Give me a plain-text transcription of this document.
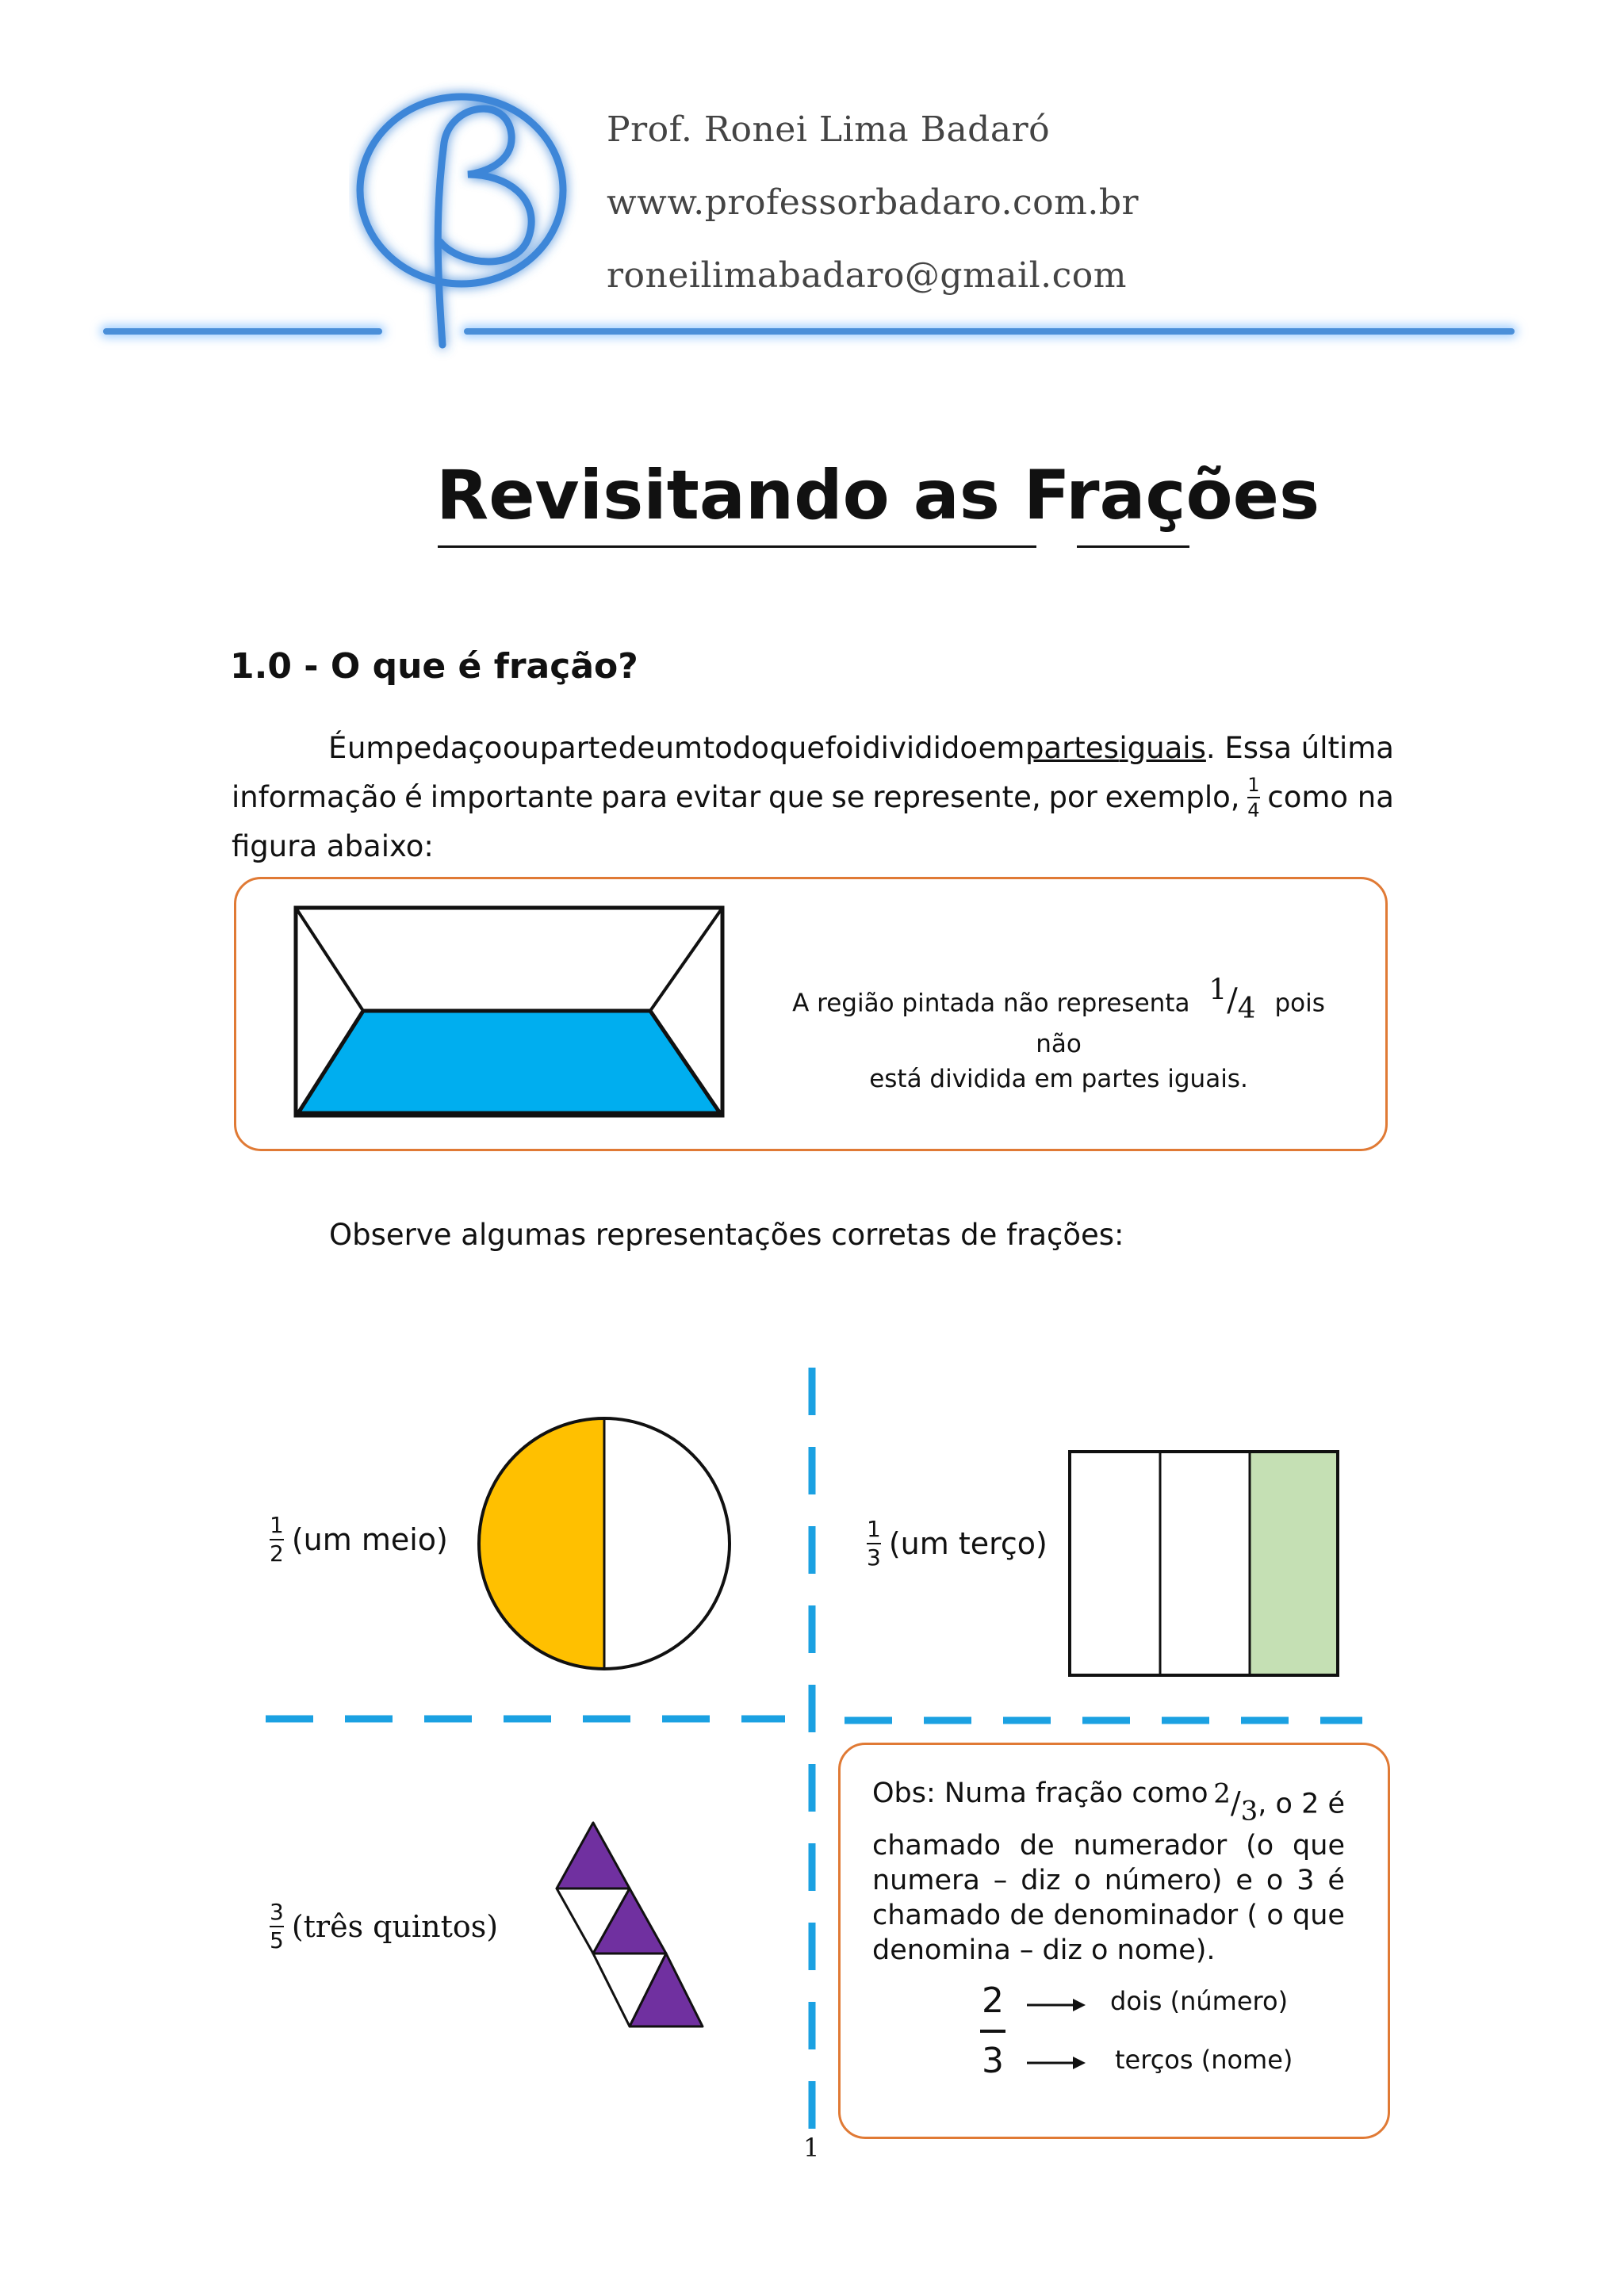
Prof. Ronei Lima Badaró
www.professorbadaro.com.br
roneilimabadaro@gmail.com
Revisitando as Frações
1.0 - O que é fração?
É um pedaço ou parte de um todo que foi dividido em partes iguais. Essa última
informação é importante para evitar que se represente, por exemplo, $\frac{1}{4}$ como na
figura abaixo:
A região pintada não representa $^1/_4$ pois não
está dividida em partes iguais.
Observe algumas representações corretas de frações:
$\frac{1}{2} (um$ meio)	$\frac{1}{3} (um$ terço)
$\frac{3}{5}$ (três quintos)
Obs: Numa fração como $^2/_3$, o 2 é
chamado de numerador (o que
numera – diz o número) e o 3 é
chamado de denominador ( o que
denomina – diz o nome).
2
3
dois (número)
terços (nome)
1
